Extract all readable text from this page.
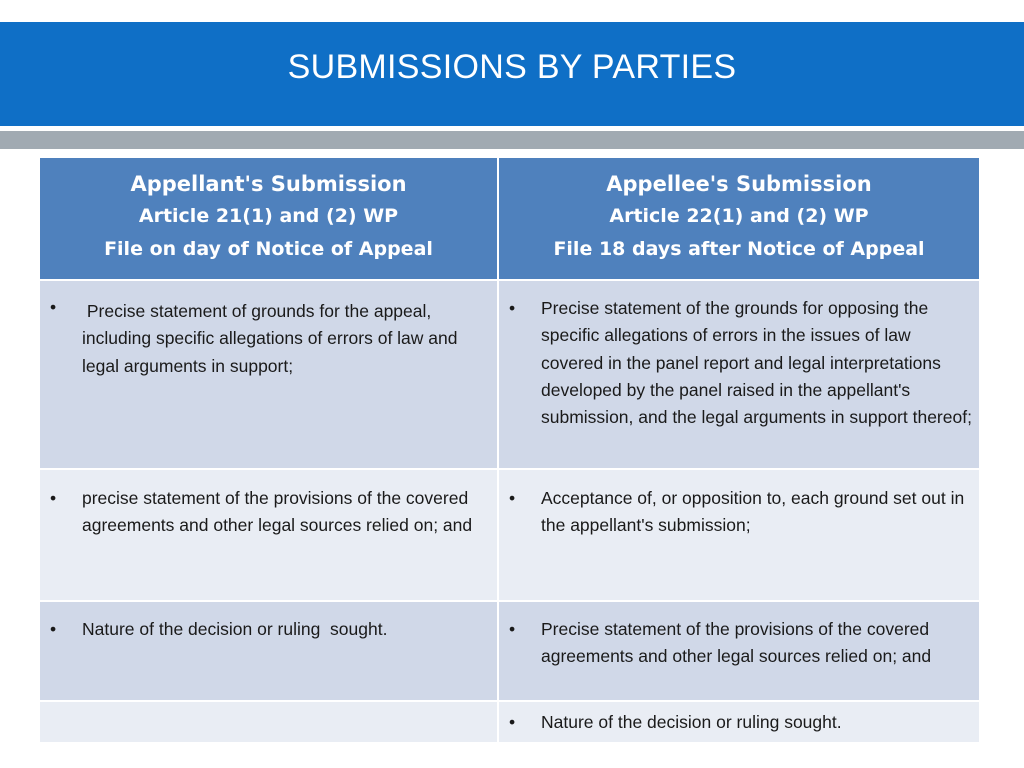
SUBMISSIONS BY PARTIES
Appellant's Submission
Article 21(1) and (2) WP
File on day of Notice of Appeal
Appellee's Submission
Article 22(1) and (2) WP
File 18 days after Notice of Appeal
• Precise statement of grounds for the appeal, including specific allegations of errors of law and legal arguments in support;
• Precise statement of the grounds for opposing the specific allegations of errors in the issues of law covered in the panel report and legal interpretations developed by the panel raised in the appellant's submission, and the legal arguments in support thereof;
• precise statement of the provisions of the covered agreements and other legal sources relied on; and
• Acceptance of, or opposition to, each ground set out in the appellant's submission;
• Nature of the decision or ruling  sought.	• Precise statement of the provisions of the covered agreements and other legal sources relied on; and
• Nature of the decision or ruling sought.
